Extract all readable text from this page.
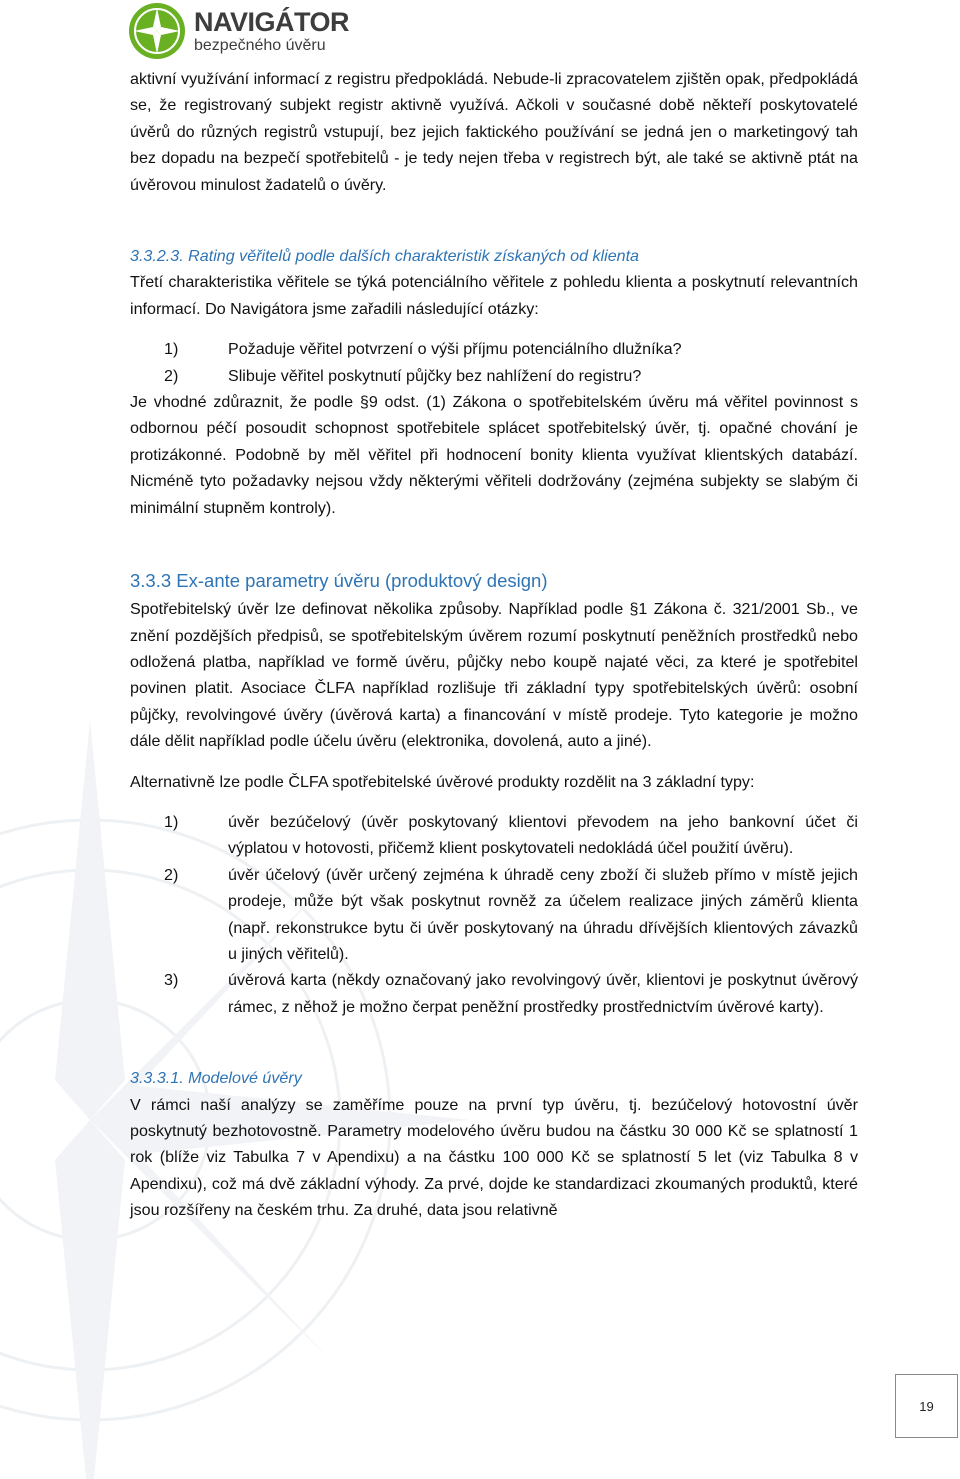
NAVIGÁTOR
bezpečného úvěru

aktivní využívání informací z registru předpokládá. Nebude-li zpracovatelem zjištěn opak, předpokládá se, že registrovaný subjekt registr aktivně využívá. Ačkoli v současné době někteří poskytovatelé úvěrů do různých registrů vstupují, bez jejich faktického používání se jedná jen o marketingový tah bez dopadu na bezpečí spotřebitelů - je tedy nejen třeba v registrech být, ale také se aktivně ptát na úvěrovou minulost žadatelů o úvěry.

3.3.2.3. Rating věřitelů podle dalších charakteristik získaných od klienta

Třetí charakteristika věřitele se týká potenciálního věřitele z pohledu klienta a poskytnutí relevantních informací. Do Navigátora jsme zařadili následující otázky:

1)	Požaduje věřitel potvrzení o výši příjmu potenciálního dlužníka?
2)	Slibuje věřitel poskytnutí půjčky bez nahlížení do registru?

Je vhodné zdůraznit, že podle §9 odst. (1) Zákona o spotřebitelském úvěru má věřitel povinnost s odbornou péčí posoudit schopnost spotřebitele splácet spotřebitelský úvěr, tj. opačné chování je protizákonné. Podobně by měl věřitel při hodnocení bonity klienta využívat klientských databází. Nicméně tyto požadavky nejsou vždy některými věřiteli dodržovány (zejména subjekty se slabým či minimální stupněm kontroly).

3.3.3 Ex-ante parametry úvěru (produktový design)

Spotřebitelský úvěr lze definovat několika způsoby. Například podle §1 Zákona č. 321/2001 Sb., ve znění pozdějších předpisů, se spotřebitelským úvěrem rozumí poskytnutí peněžních prostředků nebo odložená platba, například ve formě úvěru, půjčky nebo koupě najaté věci, za které je spotřebitel povinen platit. Asociace ČLFA například rozlišuje tři základní typy spotřebitelských úvěrů: osobní půjčky, revolvingové úvěry (úvěrová karta) a financování v místě prodeje. Tyto kategorie je možno dále dělit například podle účelu úvěru (elektronika, dovolená, auto a jiné).

Alternativně lze podle ČLFA spotřebitelské úvěrové produkty rozdělit na 3 základní typy:

1)	úvěr bezúčelový (úvěr poskytovaný klientovi převodem na jeho bankovní účet či výplatou v hotovosti, přičemž klient poskytovateli nedokládá účel použití úvěru).
2)	úvěr účelový (úvěr určený zejména k úhradě ceny zboží či služeb přímo v místě jejich prodeje, může být však poskytnut rovněž za účelem realizace jiných záměrů klienta (např. rekonstrukce bytu či úvěr poskytovaný na úhradu dřívějších klientových závazků u jiných věřitelů).
3)	úvěrová karta (někdy označovaný jako revolvingový úvěr, klientovi je poskytnut úvěrový rámec, z něhož je možno čerpat peněžní prostředky prostřednictvím úvěrové karty).

3.3.3.1. Modelové úvěry

V rámci naší analýzy se zaměříme pouze na první typ úvěru, tj. bezúčelový hotovostní úvěr poskytnutý bezhotovostně. Parametry modelového úvěru budou na částku 30 000 Kč se splatností 1 rok (blíže viz Tabulka 7 v Apendixu) a na částku 100 000 Kč se splatností 5 let (viz Tabulka 8 v Apendixu), což má dvě základní výhody. Za prvé, dojde ke standardizaci zkoumaných produktů, které jsou rozšířeny na českém trhu. Za druhé, data jsou relativně

19
